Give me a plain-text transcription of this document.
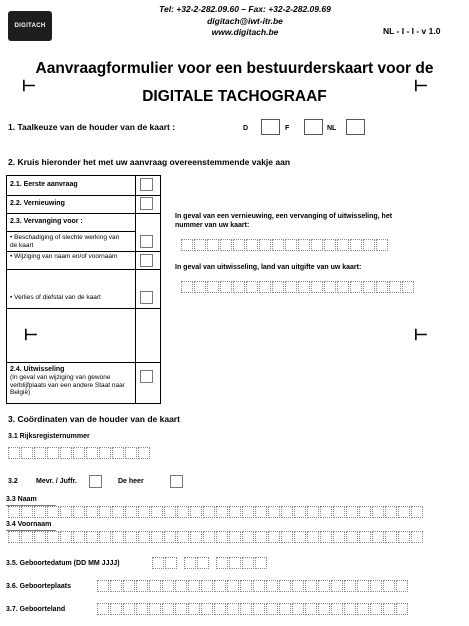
DIGITACH
Tel: +32-2-282.09.60 – Fax: +32-2-282.09.69
digitach@iwt-itr.be
www.digitach.be	NL - I - I - v 1.0
Aanvraagformulier voor een bestuurderskaart voor de
DIGITALE TACHOGRAAF
⊢	⊢
1. Taalkeuze van de houder van de kaart :	D	F	NL
2. Kruis hieronder het met uw aanvraag overeenstemmende vakje aan
2.1. Eerste aanvraag
2.2. Vernieuwing
2.3. Vervanging voor :
• Beschadiging of slechte werking van de kaart
• Wijziging van naam en/of voornaam
• Verlies of diefstal van de kaart
⊢	⊢
2.4. Uitwisseling
(In geval van wijziging van gewone verblijfplaats van een andere Staat naar België)
In geval van een vernieuwing, een vervanging of uitwisseling, het nummer van uw kaart:
In geval van uitwisseling, land van uitgifte van uw kaart:
3. Coördinaten van de houder van de kaart
3.1 Rijksregisternummer
3.2	Mevr. / Juffr.	De heer
3.3 Naam
3.4 Voornaam
3.5. Geboortedatum (DD MM JJJJ)
3.6. Geboorteplaats
3.7. Geboorteland
